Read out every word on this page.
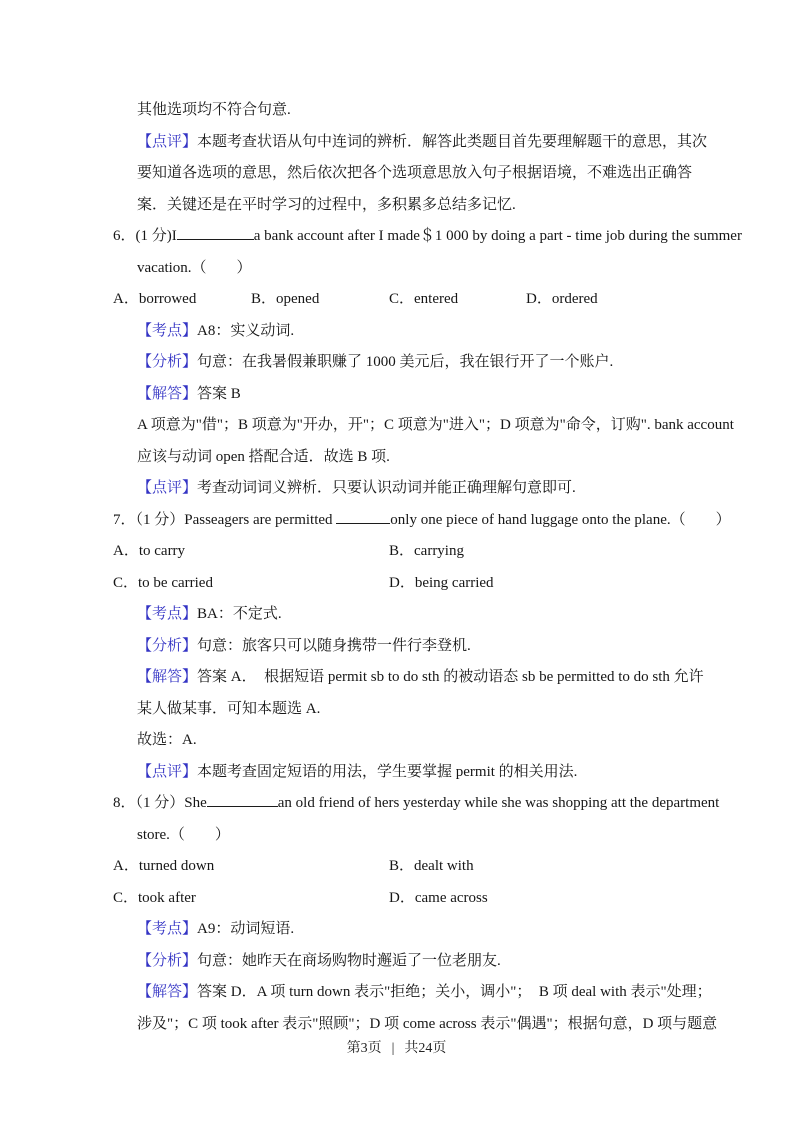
其他选项均不符合句意.
【点评】本题考查状语从句中连词的辨析．解答此类题目首先要理解题干的意思，其次
要知道各选项的意思，然后依次把各个选项意思放入句子根据语境，不难选出正确答
案．关键还是在平时学习的过程中，多积累多总结多记忆.
6．(1 分)I	a bank account after I made＄1 000 by doing a part - time job during the summer
vacation.（　　）
A．borrowed	B．opened	C．entered	D．ordered
【考点】A8：实义动词.
【分析】句意：在我暑假兼职赚了 1000 美元后，我在银行开了一个账户.
【解答】答案 B
A 项意为"借"；B 项意为"开办，开"；C 项意为"进入"；D 项意为"命令，订购". bank account
应该与动词 open 搭配合适．故选 B 项.
【点评】考查动词词义辨析．只要认识动词并能正确理解句意即可.
7．（1 分）Passeagers are permitted	only one piece of hand luggage onto the plane.（　　）
A．to carry	B．carrying
C．to be carried	D．being carried
【考点】BA：不定式.
【分析】句意：旅客只可以随身携带一件行李登机.
【解答】答案 A．　根据短语 permit sb to do sth 的被动语态 sb be permitted to do sth 允许
某人做某事．可知本题选 A.
故选：A.
【点评】本题考查固定短语的用法，学生要掌握 permit 的相关用法.
8．（1 分）She	an old friend of hers yesterday while she was shopping att the department
store.（　　）
A．turned down	B．dealt with
C．took after	D．came across
【考点】A9：动词短语.
【分析】句意：她昨天在商场购物时邂逅了一位老朋友.
【解答】答案 D．A 项 turn down 表示"拒绝；关小，调小"；　B 项 deal with 表示"处理；
涉及"；C 项 took after 表示"照顾"；D 项 come across 表示"偶遇"；根据句意，D 项与题意
第3页 | 共24页
